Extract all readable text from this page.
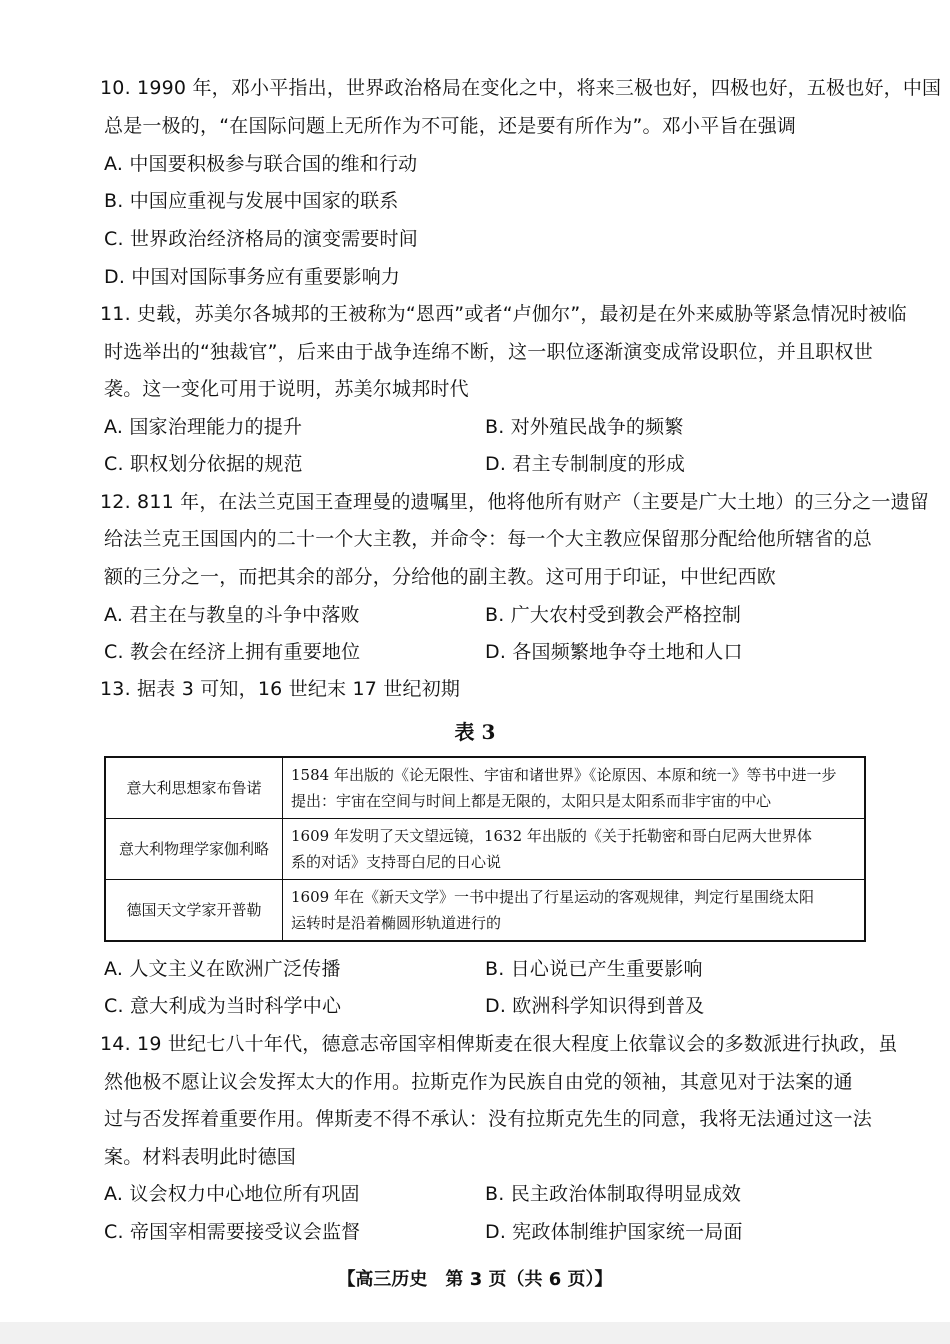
10. 1990 年，邓小平指出，世界政治格局在变化之中，将来三极也好，四极也好，五极也好，中国
总是一极的，“在国际问题上无所作为不可能，还是要有所作为”。邓小平旨在强调
A. 中国要积极参与联合国的维和行动
B. 中国应重视与发展中国家的联系
C. 世界政治经济格局的演变需要时间
D. 中国对国际事务应有重要影响力
11. 史载，苏美尔各城邦的王被称为“恩西”或者“卢伽尔”，最初是在外来威胁等紧急情况时被临
时选举出的“独裁官”，后来由于战争连绵不断，这一职位逐渐演变成常设职位，并且职权世
袭。这一变化可用于说明，苏美尔城邦时代
A. 国家治理能力的提升	B. 对外殖民战争的频繁
C. 职权划分依据的规范	D. 君主专制制度的形成
12. 811 年，在法兰克国王查理曼的遗嘱里，他将他所有财产（主要是广大土地）的三分之一遗留
给法兰克王国国内的二十一个大主教，并命令：每一个大主教应保留那分配给他所辖省的总
额的三分之一，而把其余的部分，分给他的副主教。这可用于印证，中世纪西欧
A. 君主在与教皇的斗争中落败	B. 广大农村受到教会严格控制
C. 教会在经济上拥有重要地位	D. 各国频繁地争夺土地和人口
13. 据表 3 可知，16 世纪末 17 世纪初期
表 3
意大利思想家布鲁诺	1584 年出版的《论无限性、宇宙和诸世界》《论原因、本原和统一》等书中进一步
提出：宇宙在空间与时间上都是无限的，太阳只是太阳系而非宇宙的中心

意大利物理学家伽利略	1609 年发明了天文望远镜，1632 年出版的《关于托勒密和哥白尼两大世界体
系的对话》支持哥白尼的日心说

德国天文学家开普勒	1609 年在《新天文学》一书中提出了行星运动的客观规律，判定行星围绕太阳
运转时是沿着椭圆形轨道进行的
A. 人文主义在欧洲广泛传播	B. 日心说已产生重要影响
C. 意大利成为当时科学中心	D. 欧洲科学知识得到普及
14. 19 世纪七八十年代，德意志帝国宰相俾斯麦在很大程度上依靠议会的多数派进行执政，虽
然他极不愿让议会发挥太大的作用。拉斯克作为民族自由党的领袖，其意见对于法案的通
过与否发挥着重要作用。俾斯麦不得不承认：没有拉斯克先生的同意，我将无法通过这一法
案。材料表明此时德国
A. 议会权力中心地位所有巩固	B. 民主政治体制取得明显成效
C. 帝国宰相需要接受议会监督	D. 宪政体制维护国家统一局面
【高三历史　第 3 页（共 6 页）】
